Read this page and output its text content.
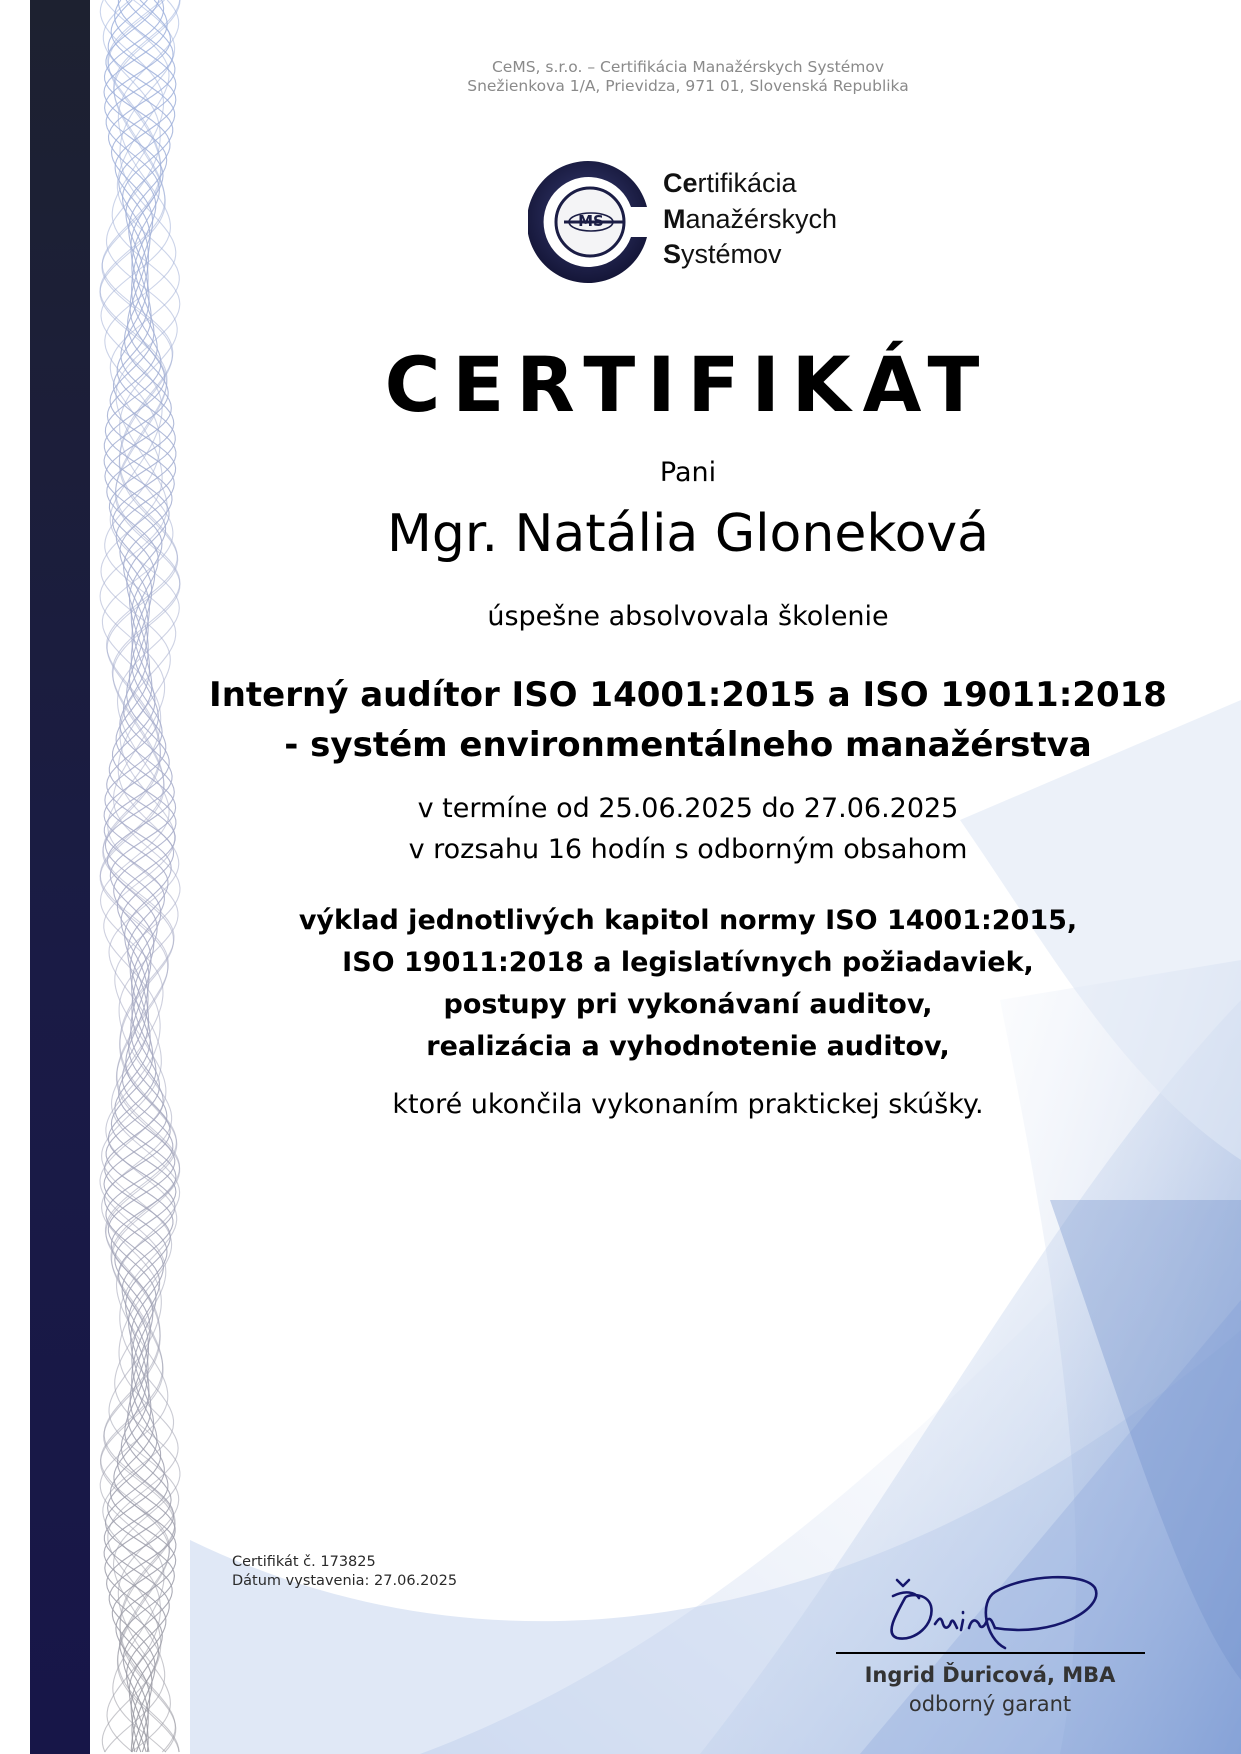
CeMS, s.r.o. – Certifikácia Manažérskych Systémov
Snežienkova 1/A, Prievidza, 971 01, Slovenská Republika
MS
Certifikácia
Manažérskych
Systémov
CERTIFIKÁT
Pani
Mgr. Natália Gloneková
úspešne absolvovala školenie
Interný audítor ISO 14001:2015 a ISO 19011:2018
- systém environmentálneho manažérstva
v termíne od 25.06.2025 do 27.06.2025
v rozsahu 16 hodín s odborným obsahom
výklad jednotlivých kapitol normy ISO 14001:2015,
ISO 19011:2018 a legislatívnych požiadaviek,
postupy pri vykonávaní auditov,
realizácia a vyhodnotenie auditov,
ktoré ukončila vykonaním praktickej skúšky.
Certifikát č. 173825
Dátum vystavenia: 27.06.2025
Ingrid Ďuricová, MBA
odborný garant
